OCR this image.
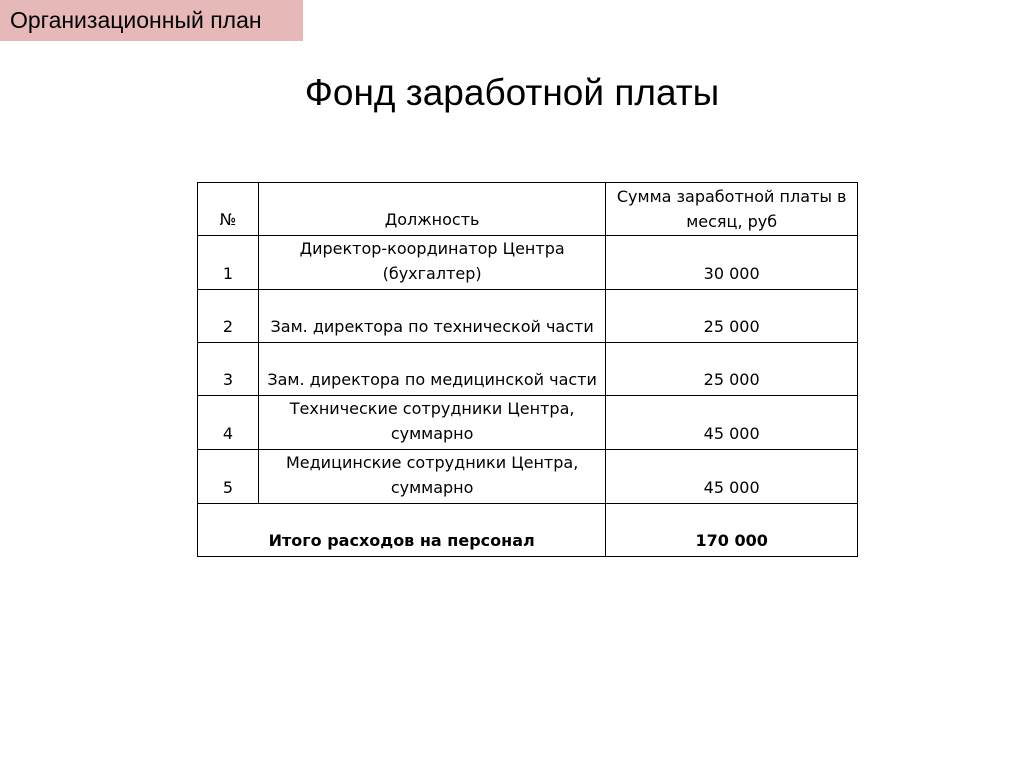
Организационный план
Фонд заработной платы
№	Должность	Сумма заработной платы в месяц, руб
1	Директор-координатор Центра (бухгалтер)	30 000
2	Зам. директора по технической части	25 000
3	Зам. директора по медицинской части	25 000
4	Технические сотрудники Центра, суммарно	45 000
5	Медицинские сотрудники Центра, суммарно	45 000
Итого расходов на персонал		170 000
